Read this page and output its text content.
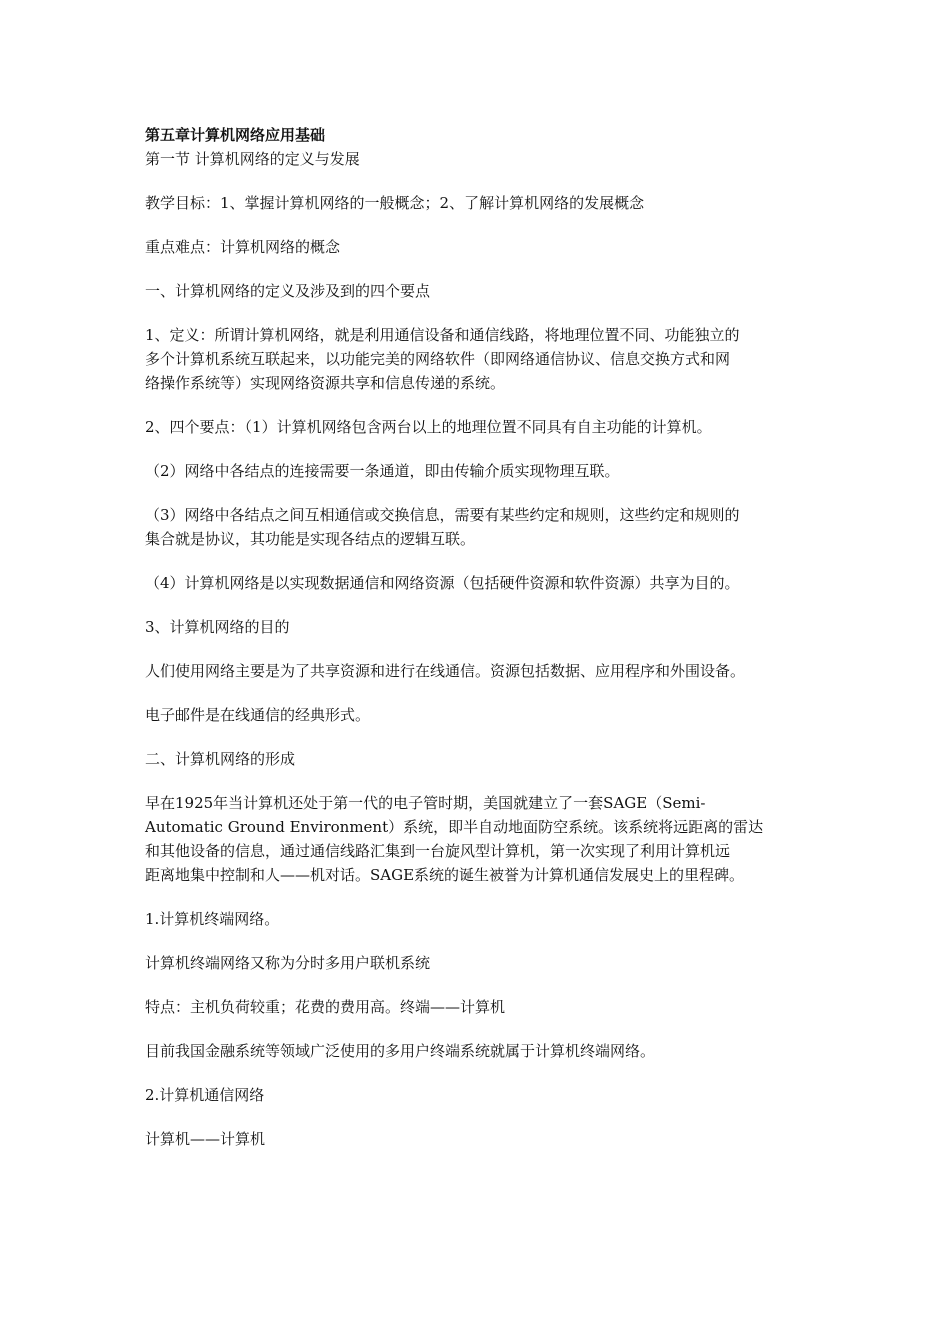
第五章计算机网络应用基础

第一节 计算机网络的定义与发展

教学目标：1、掌握计算机网络的一般概念；2、了解计算机网络的发展概念

重点难点：计算机网络的概念

一、计算机网络的定义及涉及到的四个要点

1、定义：所谓计算机网络，就是利用通信设备和通信线路，将地理位置不同、功能独立的

多个计算机系统互联起来，以功能完美的网络软件（即网络通信协议、信息交换方式和网

络操作系统等）实现网络资源共享和信息传递的系统。

2、四个要点：（1）计算机网络包含两台以上的地理位置不同具有自主功能的计算机。

（2）网络中各结点的连接需要一条通道，即由传输介质实现物理互联。

（3）网络中各结点之间互相通信或交换信息，需要有某些约定和规则，这些约定和规则的

集合就是协议，其功能是实现各结点的逻辑互联。

（4）计算机网络是以实现数据通信和网络资源（包括硬件资源和软件资源）共享为目的。

3、计算机网络的目的

人们使用网络主要是为了共享资源和进行在线通信。资源包括数据、应用程序和外围设备。

电子邮件是在线通信的经典形式。

二、计算机网络的形成

早在1925年当计算机还处于第一代的电子管时期，美国就建立了一套SAGE（Semi-

Automatic Ground Environment）系统，即半自动地面防空系统。该系统将远距离的雷达

和其他设备的信息，通过通信线路汇集到一台旋风型计算机，第一次实现了利用计算机远

距离地集中控制和人——机对话。SAGE系统的诞生被誉为计算机通信发展史上的里程碑。

1.计算机终端网络。

计算机终端网络又称为分时多用户联机系统

特点：主机负荷较重；花费的费用高。终端——计算机

目前我国金融系统等领域广泛使用的多用户终端系统就属于计算机终端网络。

2.计算机通信网络

计算机——计算机
